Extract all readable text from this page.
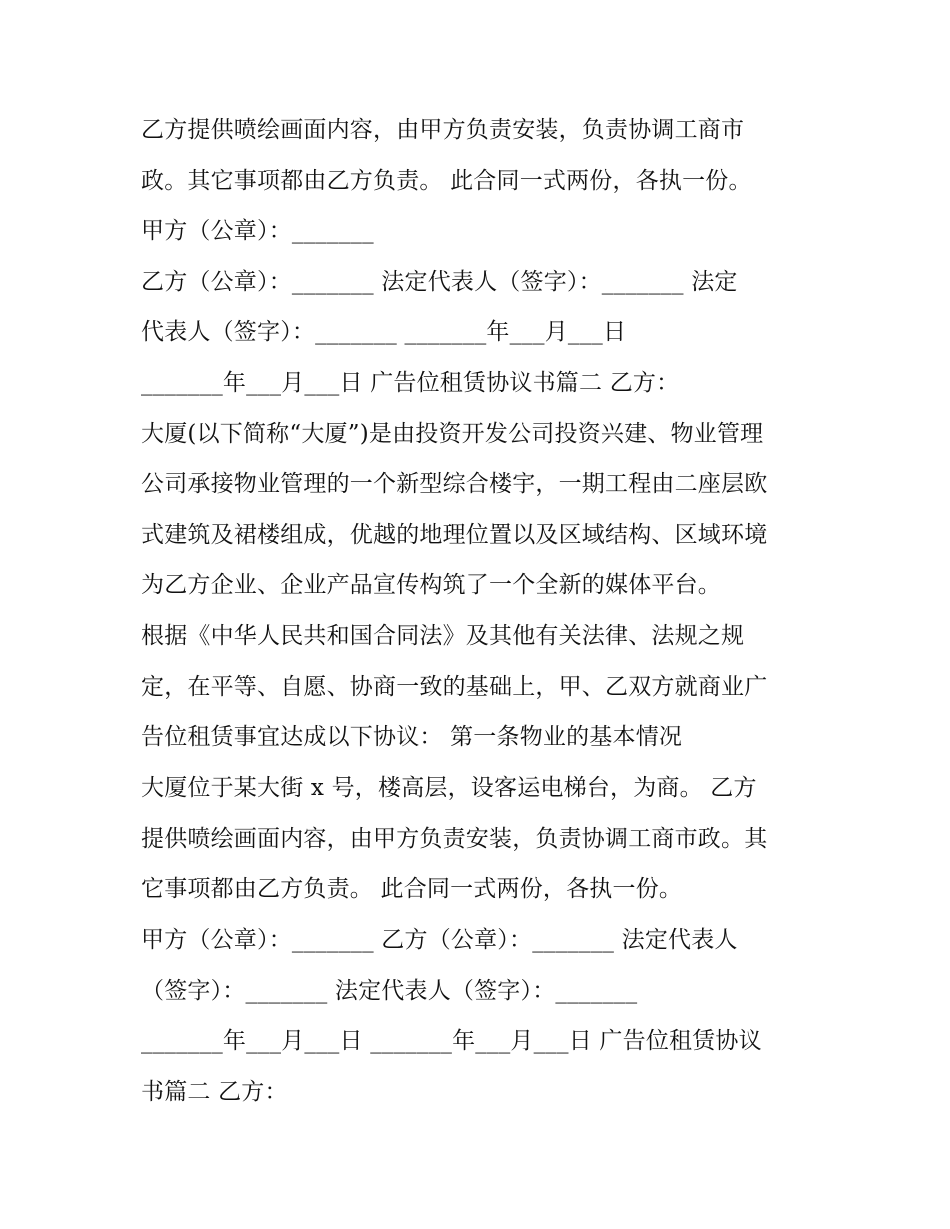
乙方提供喷绘画面内容，由甲方负责安装，负责协调工商市
政。其它事项都由乙方负责。 此合同一式两份，各执一份。
甲方（公章）：_______
乙方（公章）：_______ 法定代表人（签字）：_______ 法定
代表人（签字）：_______ _______年___月___日
_______年___月___日 广告位租赁协议书篇二 乙方：
大厦(以下简称“大厦”)是由投资开发公司投资兴建、物业管理
公司承接物业管理的一个新型综合楼宇，一期工程由二座层欧
式建筑及裙楼组成，优越的地理位置以及区域结构、区域环境
为乙方企业、企业产品宣传构筑了一个全新的媒体平台。
根据《中华人民共和国合同法》及其他有关法律、法规之规
定，在平等、自愿、协商一致的基础上，甲、乙双方就商业广
告位租赁事宜达成以下协议： 第一条物业的基本情况
大厦位于某大街 x 号，楼高层，设客运电梯台，为商。 乙方
提供喷绘画面内容，由甲方负责安装，负责协调工商市政。其
它事项都由乙方负责。 此合同一式两份，各执一份。
甲方（公章）：_______ 乙方（公章）：_______ 法定代表人
（签字）：_______ 法定代表人（签字）：_______
_______年___月___日 _______年___月___日 广告位租赁协议
书篇二 乙方：
